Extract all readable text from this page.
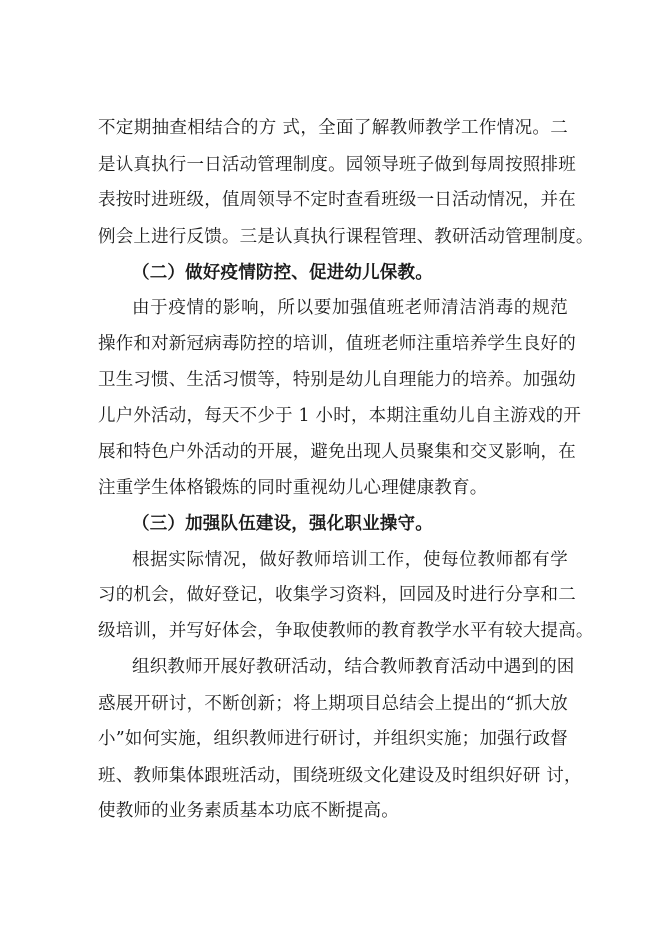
不定期抽查相结合的方 式，全面了解教师教学工作情况。二
是认真执行一日活动管理制度。园领导班子做到每周按照排班
表按时进班级，值周领导不定时查看班级一日活动情况，并在
例会上进行反馈。三是认真执行课程管理、教研活动管理制度。
（二）做好疫情防控、促进幼儿保教。
由于疫情的影响，所以要加强值班老师清洁消毒的规范
操作和对新冠病毒防控的培训，值班老师注重培养学生良好的
卫生习惯、生活习惯等，特别是幼儿自理能力的培养。加强幼
儿户外活动，每天不少于 1 小时，本期注重幼儿自主游戏的开
展和特色户外活动的开展，避免出现人员聚集和交叉影响，在
注重学生体格锻炼的同时重视幼儿心理健康教育。
（三）加强队伍建设，强化职业操守。
根据实际情况，做好教师培训工作，使每位教师都有学
习的机会，做好登记，收集学习资料，回园及时进行分享和二
级培训，并写好体会，争取使教师的教育教学水平有较大提高。
组织教师开展好教研活动，结合教师教育活动中遇到的困
惑展开研讨，不断创新；将上期项目总结会上提出的“抓大放
小”如何实施，组织教师进行研讨，并组织实施；加强行政督
班、教师集体跟班活动，围绕班级文化建设及时组织好研 讨，
使教师的业务素质基本功底不断提高。
